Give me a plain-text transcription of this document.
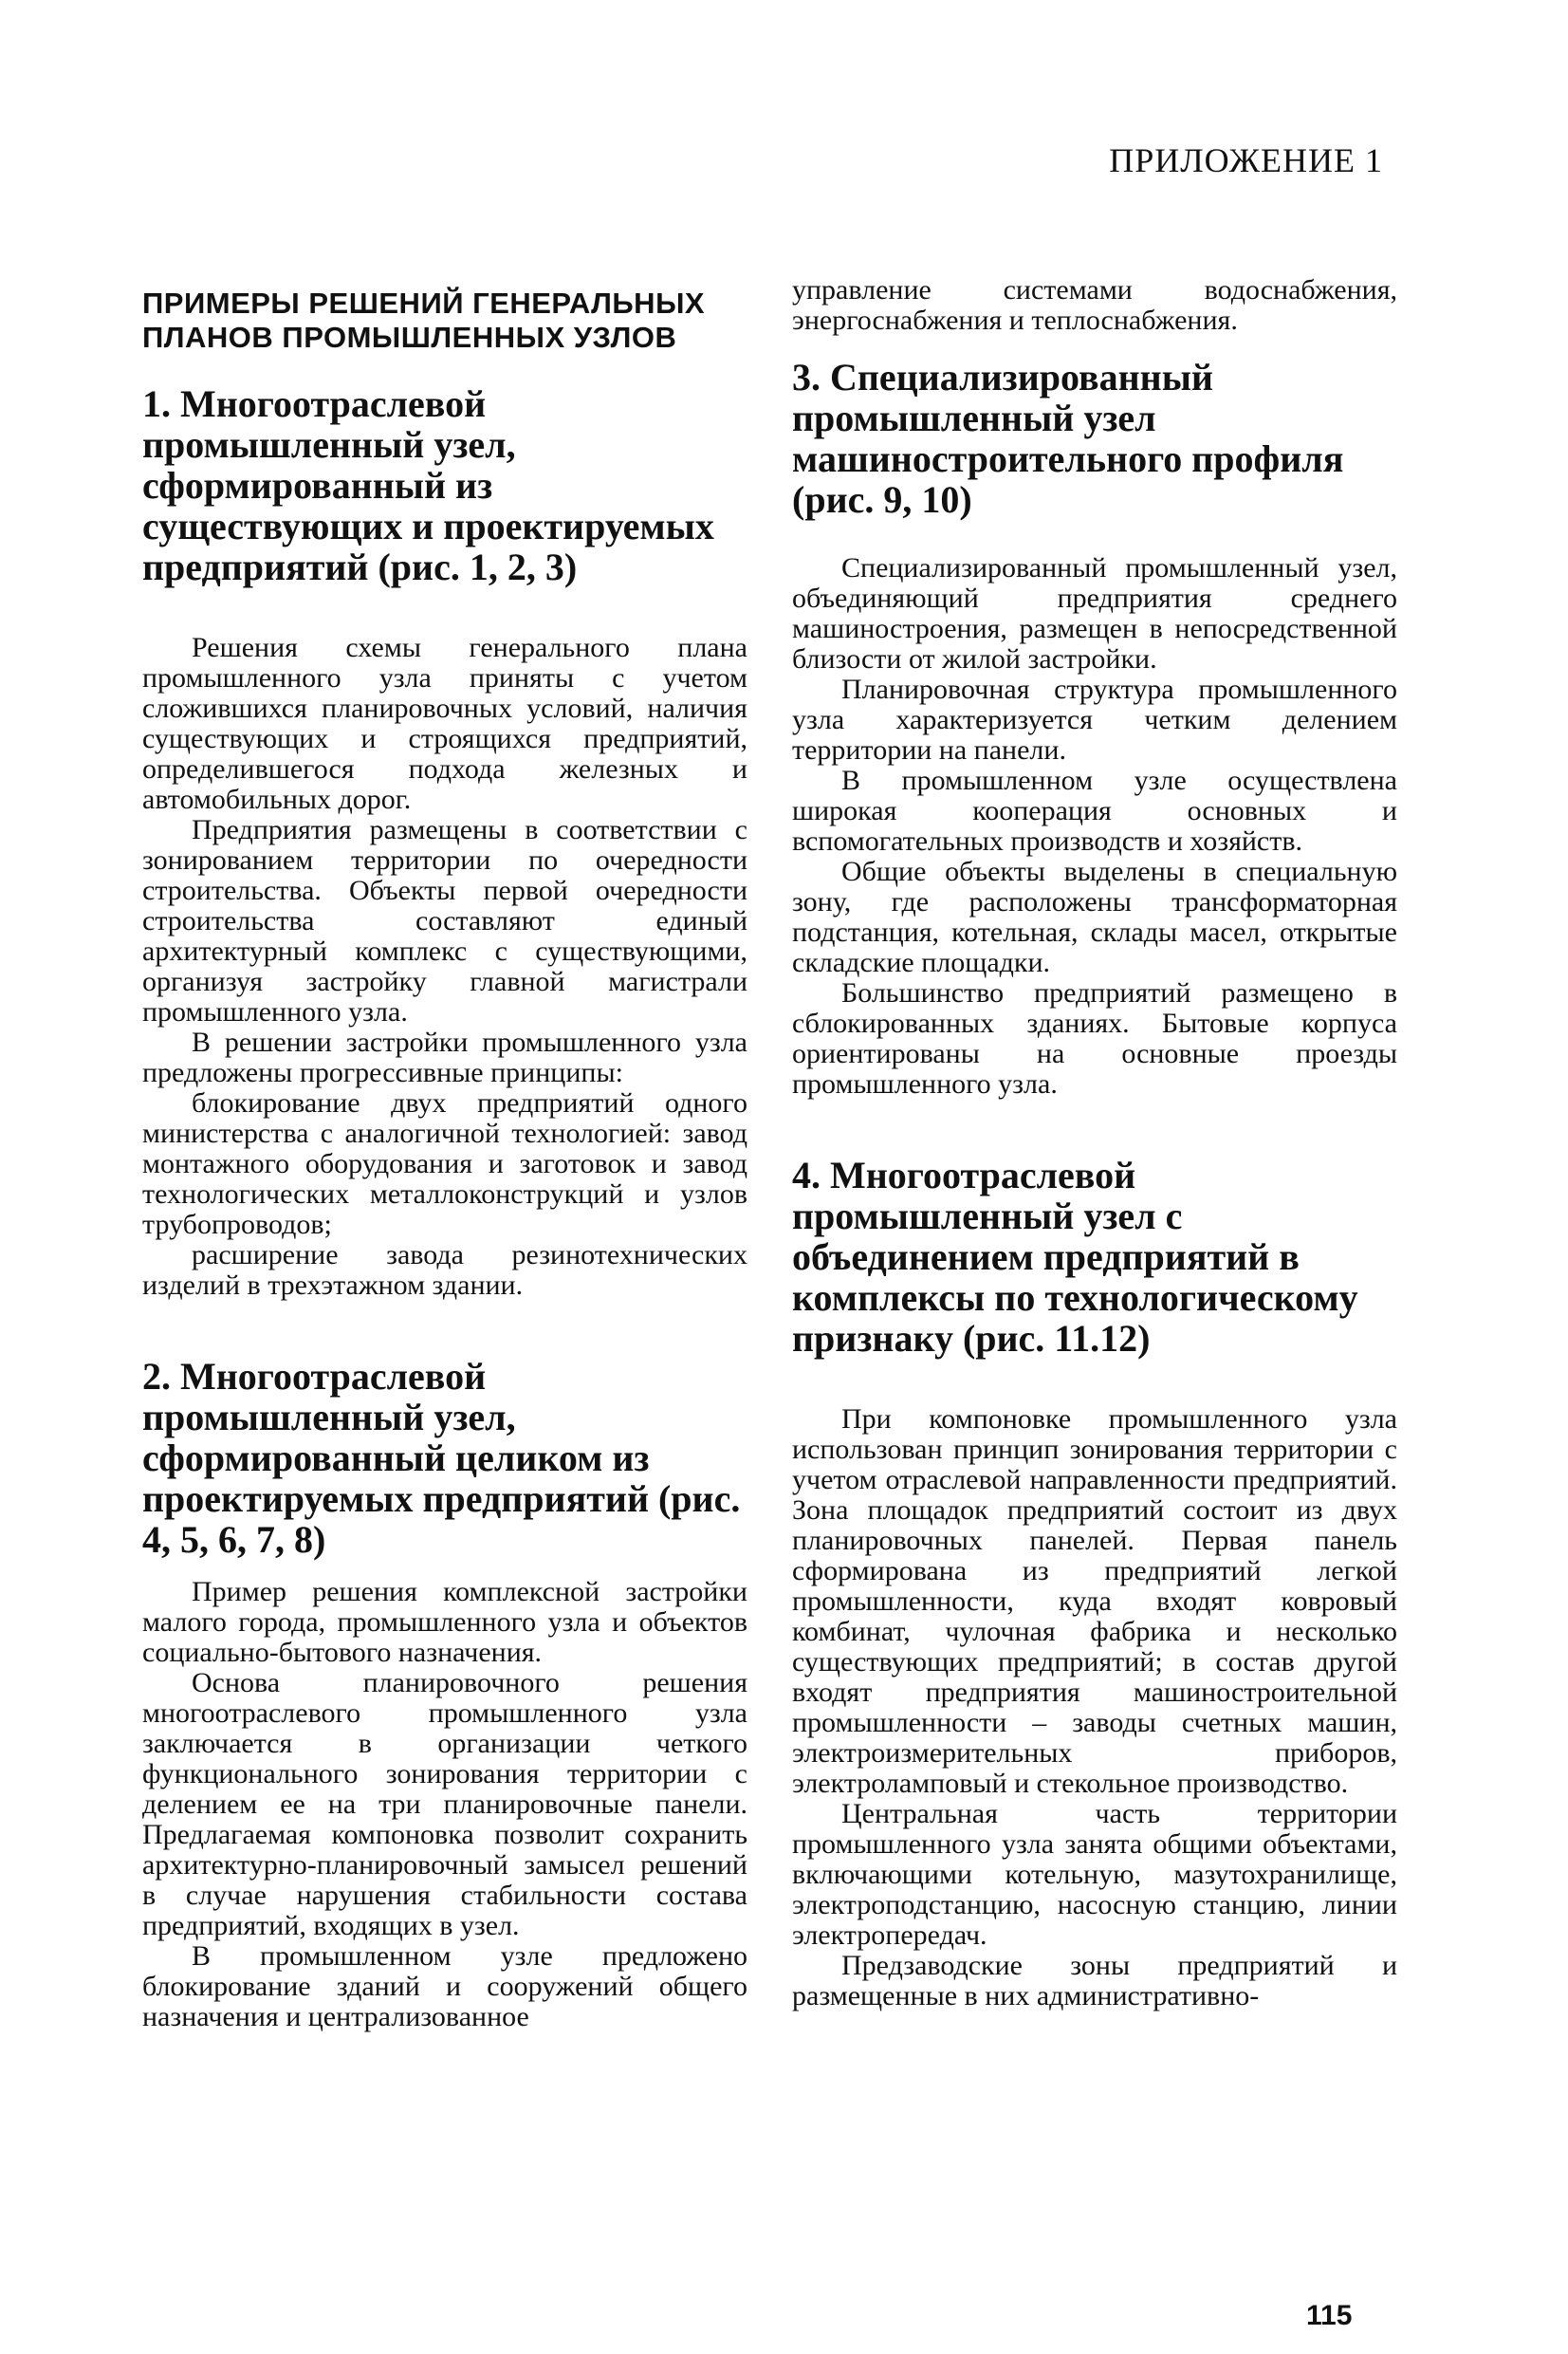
ПРИЛОЖЕНИЕ 1
ПРИМЕРЫ РЕШЕНИЙ ГЕНЕРАЛЬНЫХ ПЛАНОВ ПРОМЫШЛЕННЫХ УЗЛОВ
1. Многоотраслевой промышленный узел, сформированный из существующих и проектируемых предприятий (рис. 1, 2, 3)

Решения схемы генерального плана промышленного узла приняты с учетом сложившихся планировочных условий, наличия существующих и строящихся предприятий, определившегося подхода железных и автомобильных дорог.

Предприятия размещены в соответствии с зонированием территории по очередности строительства. Объекты первой очередности строительства составляют единый архитектурный комплекс с существующими, организуя застройку главной магистрали промышленного узла.

В решении застройки промышленного узла предложены прогрессивные принципы:

блокирование двух предприятий одного министерства с аналогичной технологией: завод монтажного оборудования и заготовок и завод технологических металлоконструкций и узлов трубопроводов;

расширение завода резинотехнических изделий в трехэтажном здании.

2. Многоотраслевой промышленный узел, сформированный целиком из проектируемых предприятий (рис. 4, 5, 6, 7, 8)

Пример решения комплексной застройки малого города, промышленного узла и объектов социально-бытового назначения.

Основа планировочного решения многоотраслевого промышленного узла заключается в организации четкого функционального зонирования территории с делением ее на три планировочные панели. Предлагаемая компоновка позволит сохранить архитектурно-планировочный замысел решений в случае нарушения стабильности состава предприятий, входящих в узел.

В промышленном узле предложено блокирование зданий и сооружений общего назначения и централизованное

управление системами водоснабжения, энергоснабжения и теплоснабжения.

3. Специализированный промышленный узел машиностроительного профиля (рис. 9, 10)

Специализированный промышленный узел, объединяющий предприятия среднего машиностроения, размещен в непосредственной близости от жилой застройки.

Планировочная структура промышленного узла характеризуется четким делением территории на панели.

В промышленном узле осуществлена широкая кооперация основных и вспомогательных производств и хозяйств.

Общие объекты выделены в специальную зону, где расположены трансформаторная подстанция, котельная, склады масел, открытые складские площадки.

Большинство предприятий размещено в сблокированных зданиях. Бытовые корпуса ориентированы на основные проезды промышленного узла.

4. Многоотраслевой промышленный узел с объединением предприятий в комплексы по технологическому признаку (рис. 11.12)

При компоновке промышленного узла использован принцип зонирования территории с учетом отраслевой направленности предприятий. Зона площадок предприятий состоит из двух планировочных панелей. Первая панель сформирована из предприятий легкой промышленности, куда входят ковровый комбинат, чулочная фабрика и несколько существующих предприятий; в состав другой входят предприятия машиностроительной промышленности – заводы счетных машин, электроизмерительных приборов, электроламповый и стекольное производство.

Центральная часть территории промышленного узла занята общими объектами, включающими котельную, мазутохранилище, электроподстанцию, насосную станцию, линии электропередач.

Предзаводские зоны предприятий и размещенные в них административно-

115
